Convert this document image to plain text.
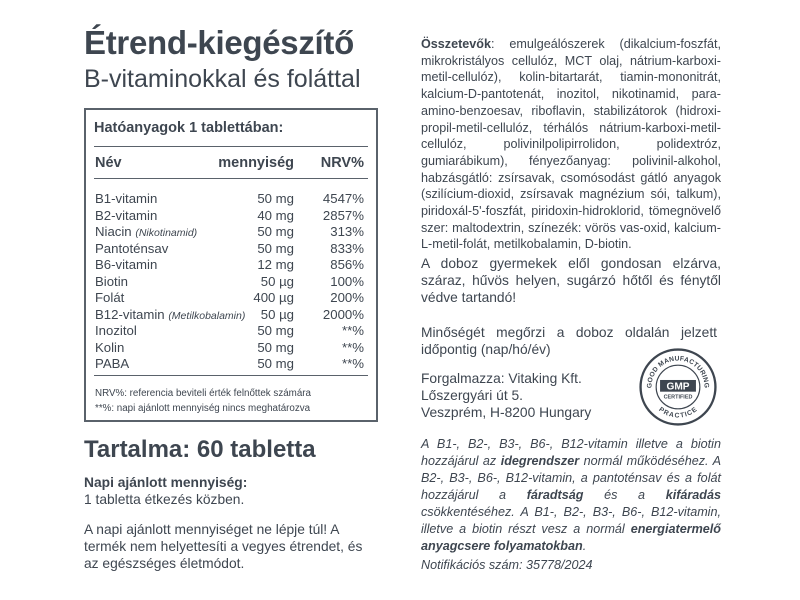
Étrend-kiegészítő
B-vitaminokkal és foláttal
Hatóanyagok 1 tablettában:
Név	mennyiség NRV%
B1-vitamin	50 mg 4547%
B2-vitamin	40 mg 2857%
Niacin (Nikotinamid)	50 mg	313%
Pantoténsav	50 mg	833%
B6-vitamin	12 mg	856%
Biotin	50 µg	100%
Folát	400 µg	200%
B12-vitamin (Metilkobalamin) 50 µg 2000%
Inozitol	50 mg	**%
Kolin	50 mg	**%
PABA	50 mg	**%
NRV%: referencia beviteli érték felnőttek számára
**%: napi ajánlott mennyiség nincs meghatározva
Tartalma: 60 tabletta

Napi ajánlott mennyiség:

1 tabletta étkezés közben.

A napi ajánlott mennyiséget ne lépje túl! A termék nem helyettesíti a vegyes étrendet, és az egészséges életmódot.

Összetevők: emulgeálószerek (dikalcium-foszfát, mikrokristályos cellulóz, MCT olaj, nátrium-karboxi-metil-cellulóz), kolin-bitartarát, tiamin-mononitrát, kalcium-D-pantotenát, inozitol, nikotinamid, para-amino-benzoesav, riboflavin, stabilizátorok (hidroxi-propil-metil-cellulóz, térhálós nátrium-karboxi-metil-cellulóz, polivinilpolipirrolidon, polidextróz, gumiarábikum), fényezőanyag: polivinil-alkohol, habzásgátló: zsírsavak, csomósodást gátló anyagok (szilícium-dioxid, zsírsavak magnézium sói, talkum), piridoxál-5'-foszfát, piridoxin-hidroklorid, tömegnövelő szer: maltodextrin, színezék: vörös vas-oxid, kalcium-L-metil-folát, metilkobalamin, D-biotin.

A doboz gyermekek elől gondosan elzárva, száraz, hűvös helyen, sugárzó hőtől és fénytől védve tartandó!

Minőségét megőrzi a doboz oldalán jelzett időpontig (nap/hó/év)

Forgalmazza: Vitaking Kft.
Lőszergyári út 5.
Veszprém, H-8200 Hungary
GOOD MANUFACTURING
PRACTICE
GMP
CERTIFIED

A B1-, B2-, B3-, B6-, B12-vitamin illetve a biotin hozzájárul az idegrendszer normál működéséhez. A B2-, B3-, B6-, B12-vitamin, a pantoténsav és a folát hozzájárul a fáradtság és a kifáradás csökkentéséhez. A B1-, B2-, B3-, B6-, B12-vitamin, illetve a biotin részt vesz a normál energiatermelő anyagcsere folyamatokban.

Notifikációs szám: 35778/2024
